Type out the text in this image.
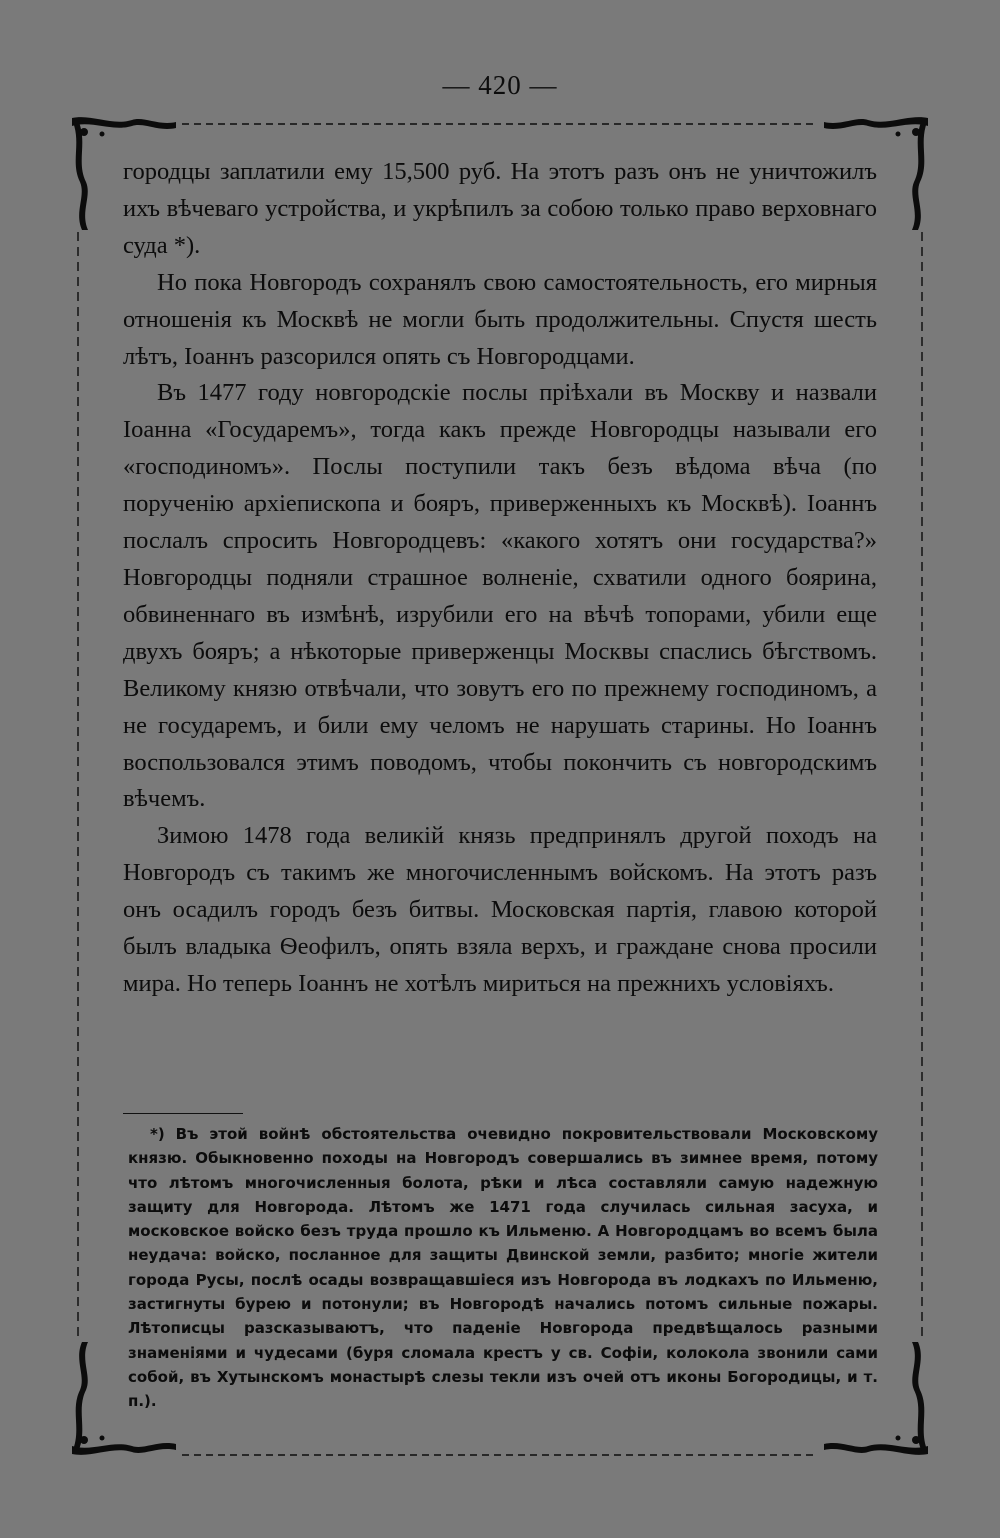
— 420 —

городцы заплатили ему 15,500 руб. На этотъ разъ онъ не уничтожилъ ихъ вѣчеваго устройства, и укрѣпилъ за собою только право верховнаго суда *).

Но пока Новгородъ сохранялъ свою самостоятельность, его мирныя отношенія къ Москвѣ не могли быть продолжительны. Спустя шесть лѣтъ, Іоаннъ разсорился опять съ Новгородцами.

Въ 1477 году новгородскіе послы пріѣхали въ Москву и назвали Іоанна «Государемъ», тогда какъ прежде Новгородцы называли его «господиномъ». Послы поступили такъ безъ вѣдома вѣча (по порученію архіепископа и бояръ, приверженныхъ къ Москвѣ). Іоаннъ послалъ спросить Новгородцевъ: «какого хотятъ они государства?» Новгородцы подняли страшное волненіе, схватили одного боярина, обвиненнаго въ измѣнѣ, изрубили его на вѣчѣ топорами, убили еще двухъ бояръ; а нѣкоторые приверженцы Москвы спаслись бѣгствомъ. Великому князю отвѣчали, что зовутъ его по прежнему господиномъ, а не государемъ, и били ему челомъ не нарушать старины. Но Іоаннъ воспользовался этимъ поводомъ, чтобы покончить съ новгородскимъ вѣчемъ.

Зимою 1478 года великій князь предпринялъ другой походъ на Новгородъ съ такимъ же многочисленнымъ войскомъ. На этотъ разъ онъ осадилъ городъ безъ битвы. Московская партія, главою которой былъ владыка Ѳеофилъ, опять взяла верхъ, и граждане снова просили мира. Но теперь Іоаннъ не хотѣлъ мириться на прежнихъ условіяхъ.

*) Въ этой войнѣ обстоятельства очевидно покровительствовали Московскому князю. Обыкновенно походы на Новгородъ совершались въ зимнее время, потому что лѣтомъ многочисленныя болота, рѣки и лѣса составляли самую надежную защиту для Новгорода. Лѣтомъ же 1471 года случилась сильная засуха, и московское войско безъ труда прошло къ Ильменю. А Новгородцамъ во всемъ была неудача: войско, посланное для защиты Двинской земли, разбито; многіе жители города Русы, послѣ осады возвращавшіеся изъ Новгорода въ лодкахъ по Ильменю, застигнуты бурею и потонули; въ Новгородѣ начались потомъ сильные пожары. Лѣтописцы разсказываютъ, что паденіе Новгорода предвѣщалось разными знаменіями и чудесами (буря сломала крестъ у св. Софіи, колокола звонили сами собой, въ Хутынскомъ монастырѣ слезы текли изъ очей отъ иконы Богородицы, и т. п.).
